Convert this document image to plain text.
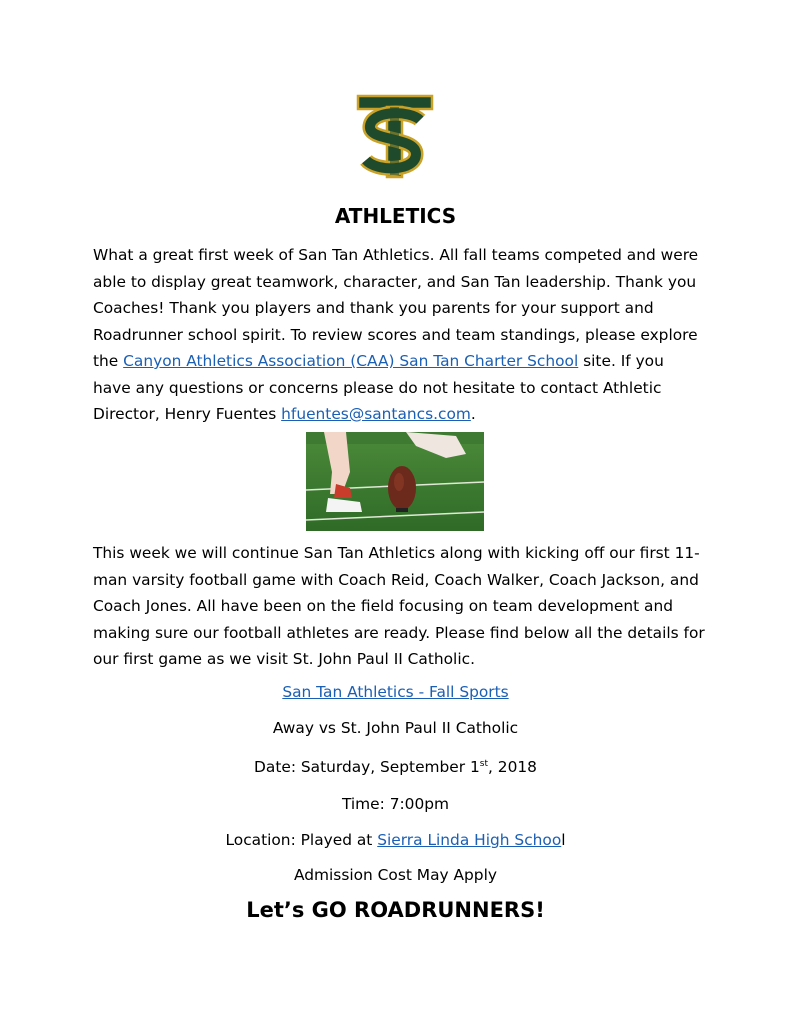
ATHLETICS

What a great first week of San Tan Athletics. All fall teams competed and were
able to display great teamwork, character, and San Tan leadership. Thank you
Coaches! Thank you players and thank you parents for your support and
Roadrunner school spirit. To review scores and team standings, please explore
the Canyon Athletics Association (CAA) San Tan Charter School site. If you
have any questions or concerns please do not hesitate to contact Athletic
Director, Henry Fuentes hfuentes@santancs.com.

This week we will continue San Tan Athletics along with kicking off our first 11-
man varsity football game with Coach Reid, Coach Walker, Coach Jackson, and
Coach Jones. All have been on the field focusing on team development and
making sure our football athletes are ready. Please find below all the details for
our first game as we visit St. John Paul II Catholic.

San Tan Athletics - Fall Sports
Away vs St. John Paul II Catholic
Date: Saturday, September 1st, 2018
Time: 7:00pm
Location: Played at Sierra Linda High School
Admission Cost May Apply
Let’s GO ROADRUNNERS!
